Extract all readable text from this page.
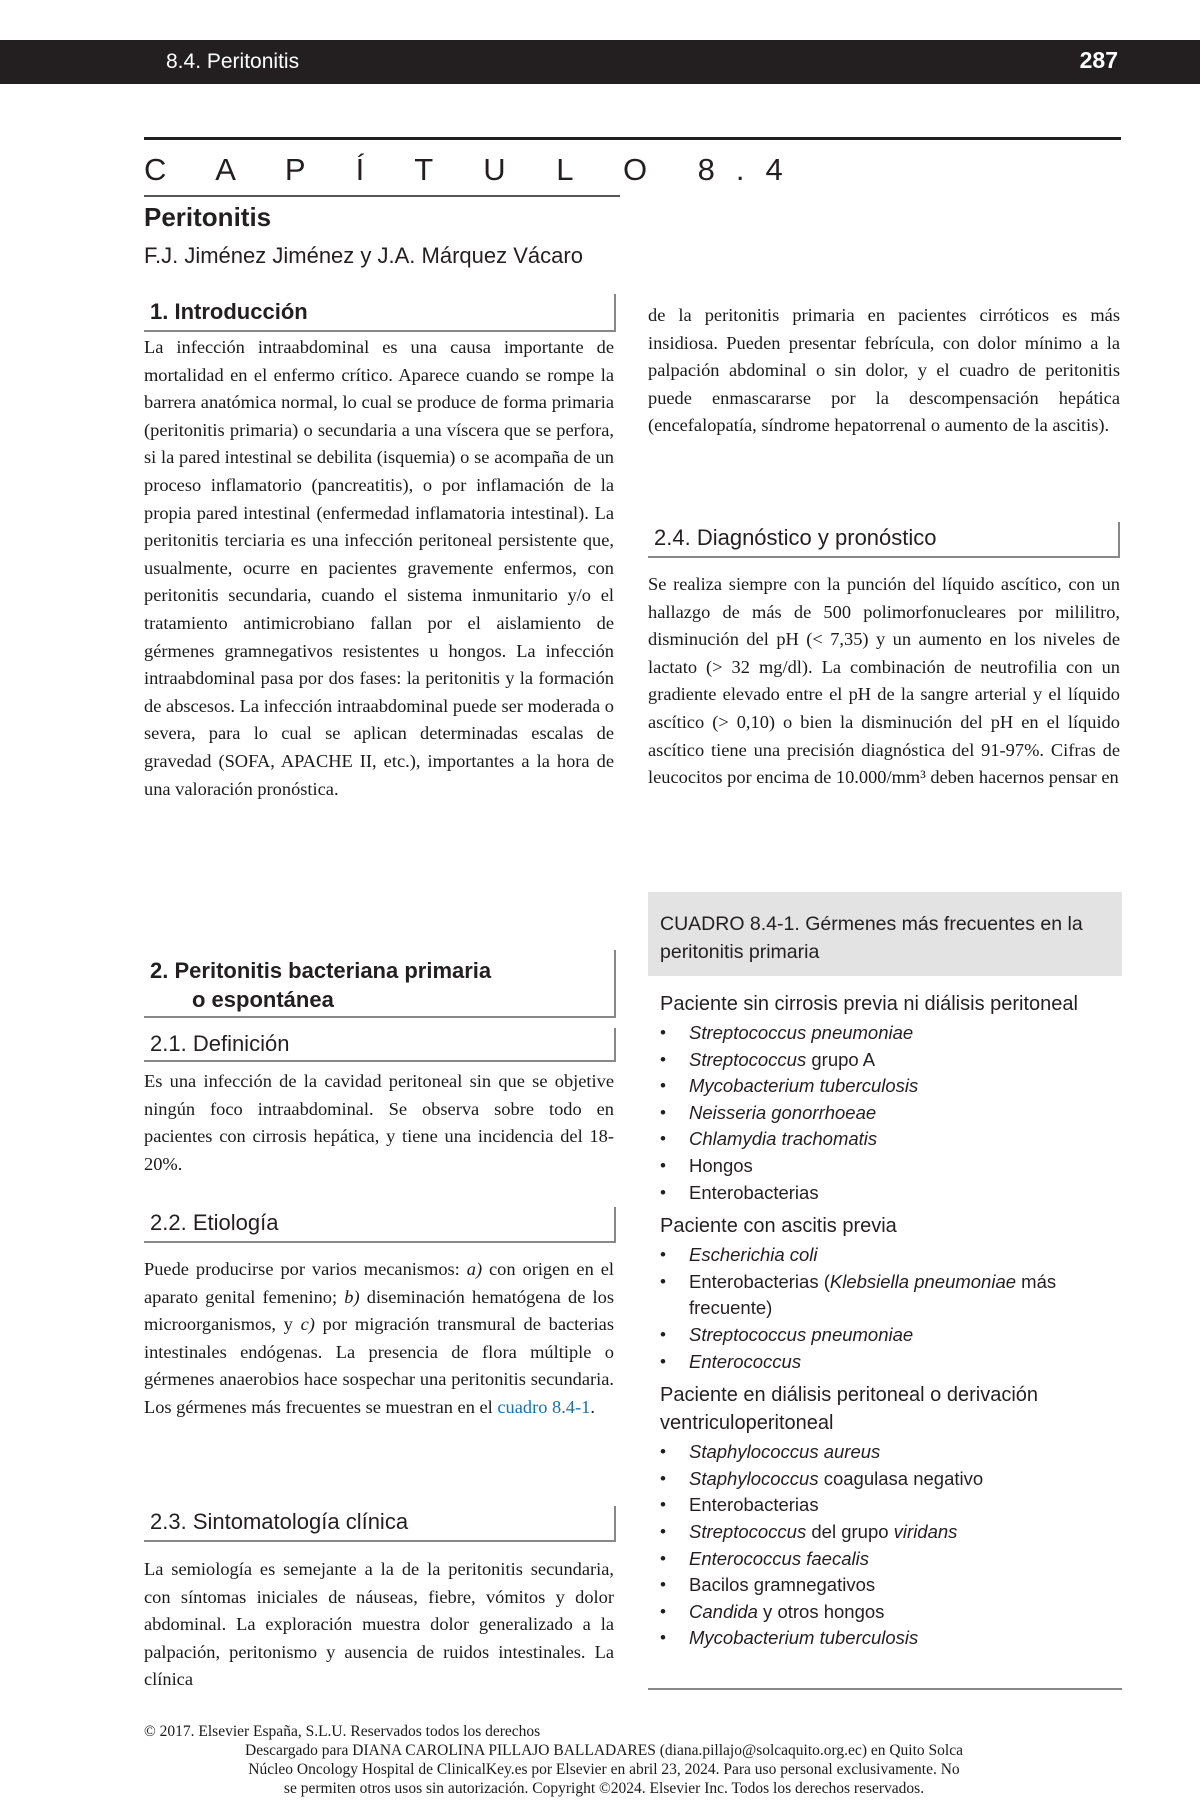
8.4. Peritonitis	287
C A P Í T U L O 8.4
Peritonitis
F.J. Jiménez Jiménez y J.A. Márquez Vácaro
1. Introducción
La infección intraabdominal es una causa importante de mortalidad en el enfermo crítico. Aparece cuando se rompe la barrera anatómica normal, lo cual se produce de forma primaria (peritonitis primaria) o secundaria a una víscera que se perfora, si la pared intestinal se debilita (isquemia) o se acompaña de un proceso inflamatorio (pancreatitis), o por inflamación de la propia pared intestinal (enfermedad inflamatoria intestinal). La peritonitis terciaria es una infección peritoneal persistente que, usualmente, ocurre en pacientes gravemente enfermos, con peritonitis secundaria, cuando el sistema inmunitario y/o el tratamiento antimicrobiano fallan por el aislamiento de gérmenes gramnegativos resistentes u hongos. La infección intraabdominal pasa por dos fases: la peritonitis y la formación de abscesos. La infección intraabdominal puede ser moderada o severa, para lo cual se aplican determinadas escalas de gravedad (SOFA, APACHE II, etc.), importantes a la hora de una valoración pronóstica.
2. Peritonitis bacteriana primaria
o espontánea
2.1. Definición
Es una infección de la cavidad peritoneal sin que se objetive ningún foco intraabdominal. Se observa sobre todo en pacientes con cirrosis hepática, y tiene una incidencia del 18-20%.
2.2. Etiología
Puede producirse por varios mecanismos: a) con origen en el aparato genital femenino; b) diseminación hematógena de los microorganismos, y c) por migración transmural de bacterias intestinales endógenas. La presencia de flora múltiple o gérmenes anaerobios hace sospechar una peritonitis secundaria. Los gérmenes más frecuentes se muestran en el cuadro 8.4-1.
2.3. Sintomatología clínica
La semiología es semejante a la de la peritonitis secundaria, con síntomas iniciales de náuseas, fiebre, vómitos y dolor abdominal. La exploración muestra dolor generalizado a la palpación, peritonismo y ausencia de ruidos intestinales. La clínica
de la peritonitis primaria en pacientes cirróticos es más insidiosa. Pueden presentar febrícula, con dolor mínimo a la palpación abdominal o sin dolor, y el cuadro de peritonitis puede enmascararse por la descompensación hepática (encefalopatía, síndrome hepatorrenal o aumento de la ascitis).
2.4. Diagnóstico y pronóstico
Se realiza siempre con la punción del líquido ascítico, con un hallazgo de más de 500 polimorfonucleares por mililitro, disminución del pH (< 7,35) y un aumento en los niveles de lactato (> 32 mg/dl). La combinación de neutrofilia con un gradiente elevado entre el pH de la sangre arterial y el líquido ascítico (> 0,10) o bien la disminución del pH en el líquido ascítico tiene una precisión diagnóstica del 91-97%. Cifras de leucocitos por encima de 10.000/mm³ deben hacernos pensar en
CUADRO 8.4-1. Gérmenes más frecuentes en la peritonitis primaria
Paciente sin cirrosis previa ni diálisis peritoneal
• Streptococcus pneumoniae
• Streptococcus grupo A
• Mycobacterium tuberculosis
• Neisseria gonorrhoeae
• Chlamydia trachomatis
• Hongos
• Enterobacterias
Paciente con ascitis previa
• Escherichia coli
• Enterobacterias (Klebsiella pneumoniae más frecuente)
• Streptococcus pneumoniae
• Enterococcus
Paciente en diálisis peritoneal o derivación ventriculoperitoneal
• Staphylococcus aureus
• Staphylococcus coagulasa negativo
• Enterobacterias
• Streptococcus del grupo viridans
• Enterococcus faecalis
• Bacilos gramnegativos
• Candida y otros hongos
• Mycobacterium tuberculosis
© 2017. Elsevier España, S.L.U. Reservados todos los derechos
Descargado para DIANA CAROLINA PILLAJO BALLADARES (diana.pillajo@solcaquito.org.ec) en Quito Solca
Núcleo Oncology Hospital de ClinicalKey.es por Elsevier en abril 23, 2024. Para uso personal exclusivamente. No
se permiten otros usos sin autorización. Copyright ©2024. Elsevier Inc. Todos los derechos reservados.
